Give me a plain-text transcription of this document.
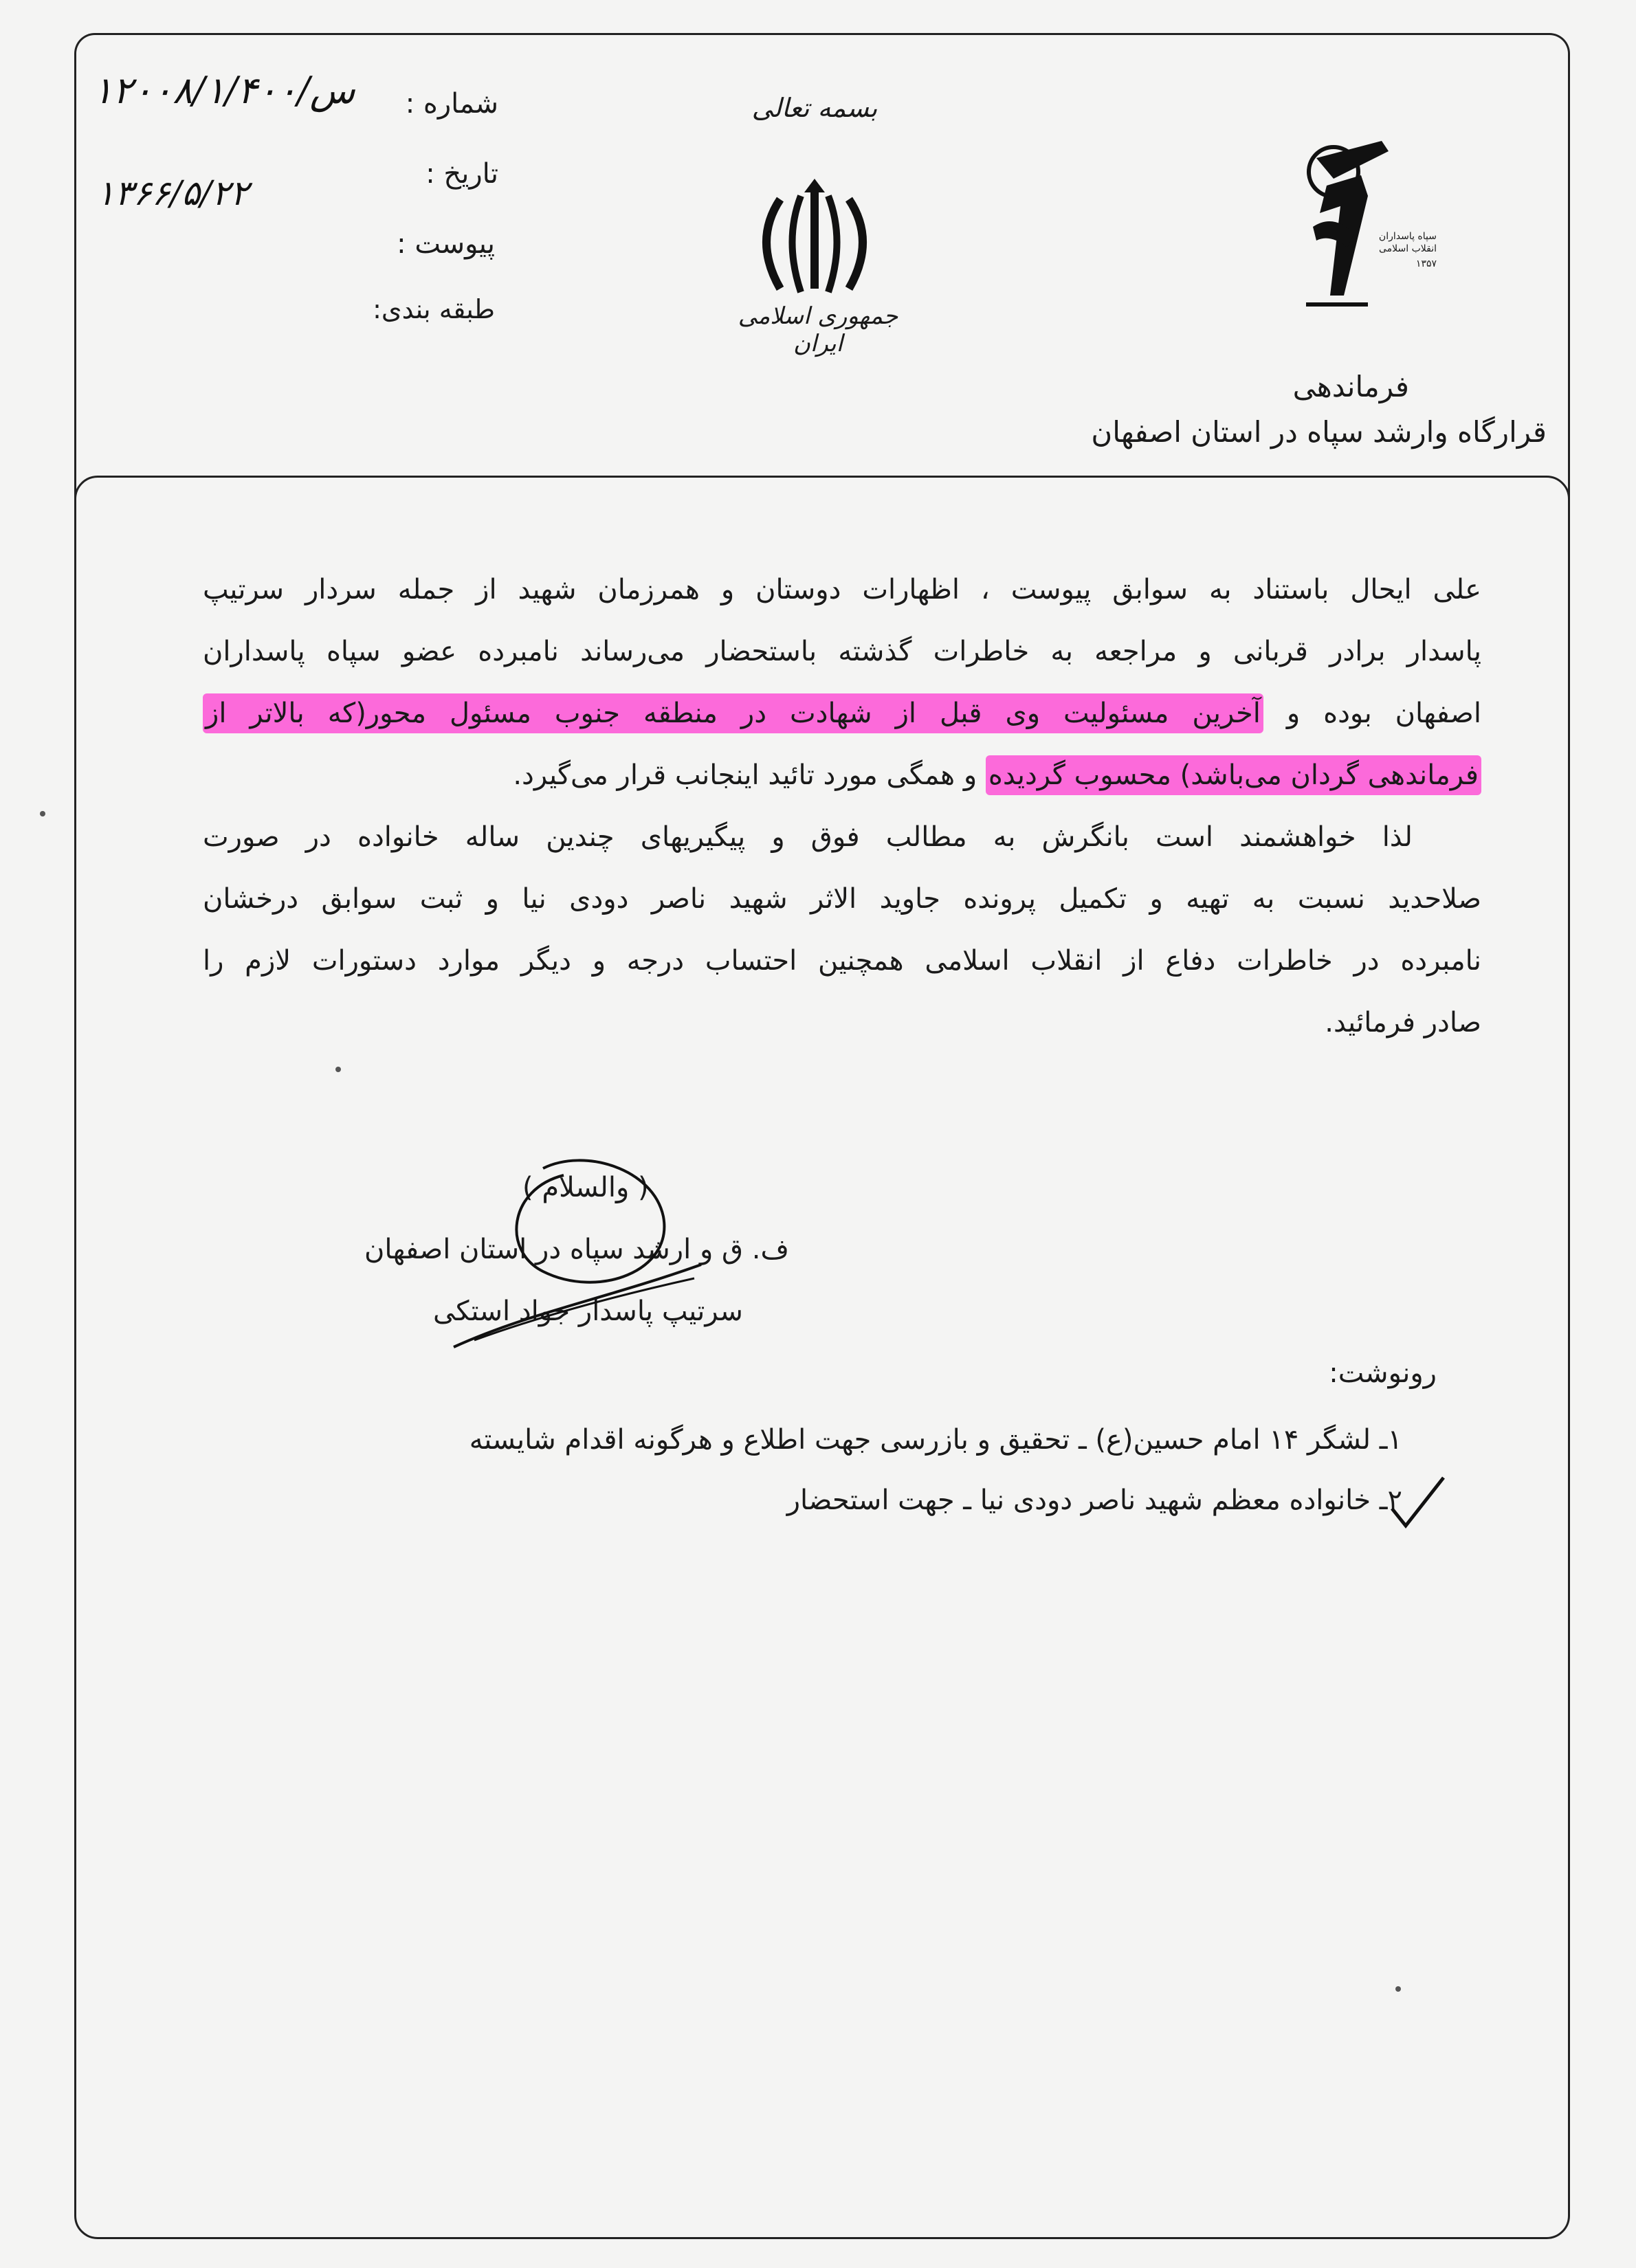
شماره :
۱۲۰۰۸/۱/۴۰۰/س
تاریخ :
۱۳۶۶/۵/۲۲
پیوست :
طبقه بندی:
بسمه تعالی
جمهوری اسلامی ایران
سپاه پاسداران انقلاب اسلامی
۱۳۵۷
فرماندهی
قرارگاه وارشد سپاه در استان اصفهان
علی ایحال باستناد به سوابق پیوست ، اظهارات دوستان و همرزمان شهید از جمله سردار سرتیپ
پاسدار برادر قربانی و مراجعه به خاطرات گذشته باستحضار می‌رساند نامبرده عضو سپاه پاسداران
اصفهان بوده و آخرین مسئولیت وی قبل از شهادت در منطقه جنوب مسئول محور(که بالاتر از
فرماندهی گردان می‌باشد) محسوب گردیده و همگی مورد تائید اینجانب قرار می‌گیرد.
لذا خواهشمند است بانگرش به مطالب فوق و پیگیریهای چندین ساله خانواده در صورت
صلاحدید نسبت به تهیه و تکمیل پرونده جاوید الاثر شهید ناصر دودی نیا و ثبت سوابق درخشان
نامبرده در خاطرات دفاع از انقلاب اسلامی همچنین احتساب درجه و دیگر موارد دستورات لازم را
صادر فرمائید.
( والسلام )
ف. ق و ارشد سپاه در استان اصفهان
سرتیپ پاسدار جواد استکی
رونوشت:
۱ـ لشگر ۱۴ امام حسین(ع) ـ تحقیق و بازرسی جهت اطلاع و هرگونه اقدام شایسته
۲ـ خانواده معظم شهید ناصر دودی نیا ـ جهت استحضار
